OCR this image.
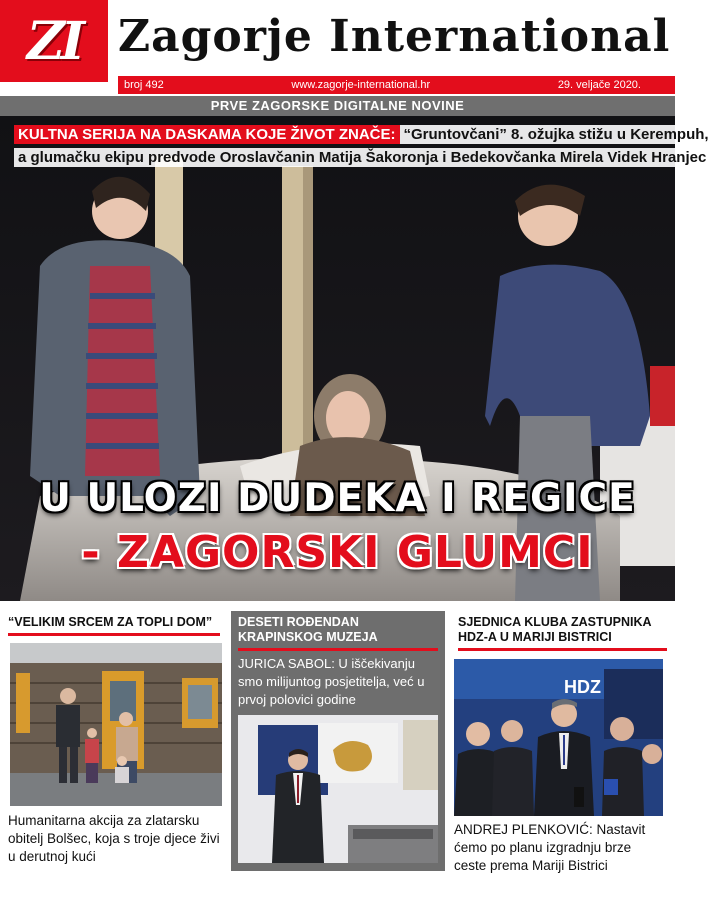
ZI Zagorje International
broj 492	www.zagorje-international.hr	29. veljače 2020.
PRVE ZAGORSKE DIGITALNE NOVINE
KULTNA SERIJA NA DASKAMA KOJE ŽIVOT ZNAČE: “Gruntovčani” 8. ožujka stižu u Kerempuh,
a glumačku ekipu predvode Oroslavčanin Matija Šakoronja i Bedekovčanka Mirela Videk Hranjec
U ULOZI DUDEKA I REGICE
- ZAGORSKI GLUMCI
“VELIKIM SRCEM ZA TOPLI DOM”

Humanitarna akcija za zlatarsku obitelj Bolšec, koja s troje djece živi u derutnoj kući

DESETI ROĐENDAN KRAPINSKOG MUZEJA

JURICA SABOL: U iščekivanju smo milijuntog posjetitelja, već u prvoj polovici godine

SJEDNICA KLUBA ZASTUPNIKA HDZ-A U MARIJI BISTRICI
HDZ

ANDREJ PLENKOVIĆ: Nastavit ćemo po planu izgradnju brze ceste prema Mariji Bistrici
